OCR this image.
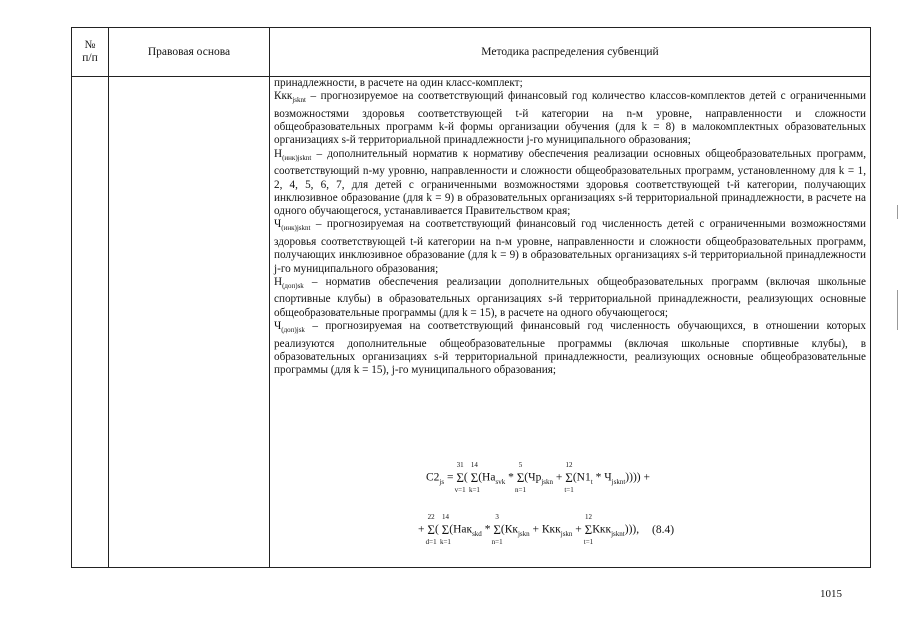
№
п/п
Правовая основа	Методика распределения субвенций

принадлежности, в расчете на один класс-комплект;

Ккк$_{jsknt}$ – прогнозируемое на соответствующий финансовый год количество классов-комплектов детей с ограниченными возможностями здоровья соответствующей t-й категории на n-м уровне, направленности и сложности общеобразовательных программ k-й формы организации обучения (для k = 8) в малокомплектных образовательных организациях s-й территориальной принадлежности j-го муниципального образования;

$Н_{(инк)jsknt}$ – дополнительный норматив к нормативу обеспечения реализации основных общеобразовательных программ, соответствующий n-му уровню, направленности и сложности общеобразовательных программ, установленному для k = 1, 2, 4, 5, 6, 7, для детей с ограниченными возможностями здоровья соответствующей t-й категории, получающих инклюзивное образование (для k = 9) в образовательных организациях s-й территориальной принадлежности, в расчете на одного обучающегося, устанавливается Правительством края;

$Ч_{(инк)jsknt}$ – прогнозируемая на соответствующий финансовый год численность детей с ограниченными возможностями здоровья соответствующей t-й категории на n-м уровне, направленности и сложности общеобразовательных программ, получающих инклюзивное образование (для k = 9) в образовательных организациях s-й территориальной принадлежности j-го муниципального образования;

$Н_{(доп)sk}$ – норматив обеспечения реализации дополнительных общеобразовательных программ (включая школьные спортивные клубы) в образовательных организациях s-й территориальной принадлежности, реализующих основные общеобразовательные программы (для k = 15), в расчете на одного обучающегося;

$Ч_{(доп)jsk}$ – прогнозируемая на соответствующий финансовый год численность обучающихся, в отношении которых реализуются дополнительные общеобразовательные программы (включая школьные спортивные клубы), в образовательных организациях s-й территориальной принадлежности, реализующих основные общеобразовательные программы (для k = 15), j-го муниципального образования;

$C2_{js} = \Sigma$
31
v=1
( Σ
14
k=1
($На_{svk}$ * Σ
5
n=1
($Чр_{jskn} + \Sigma$
12
t=1
$(N1_t * Ч_{jsknt})$))) +
+ Σ
22
d=1
( Σ
14
k=1
(Нак$_{skd}$ * Σ
3
n=1
($Кк_{jskn} + Ккк_{jskn} + \Sigma$
12
t=1
Ккк$_{jsknt}$))), (8.4)
1015
